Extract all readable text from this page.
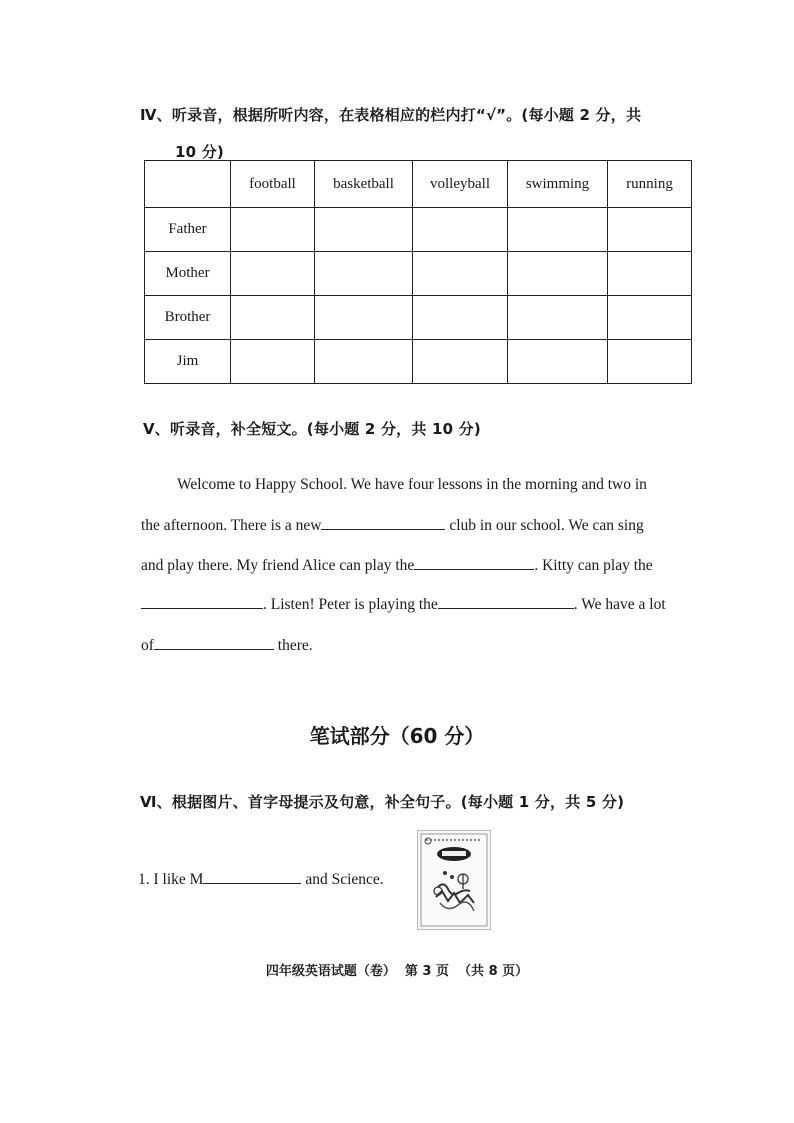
Ⅳ、听录音，根据所听内容，在表格相应的栏内打“√”。(每小题 2 分，共
10 分)
	football	basketball	volleyball	swimming	running
Father					
Mother					
Brother					
Jim					
Ⅴ、听录音，补全短文。(每小题 2 分，共 10 分)
Welcome to Happy School. We have four lessons in the morning and two in
the afternoon. There is a new	club in our school. We can sing
and play there. My friend Alice can play the	. Kitty can play the
. Listen! Peter is playing the	. We have a lot
of	there.
笔试部分（60 分）
Ⅵ、根据图片、首字母提示及句意，补全句子。(每小题 1 分，共 5 分)
1. I like M	and Science.
四年级英语试题（卷）  第 3 页  （共 8 页）
